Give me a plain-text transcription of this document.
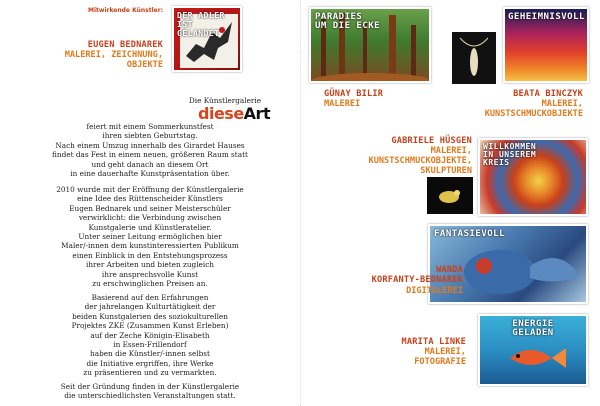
Mitwirkende Künstler:
DER ADLER
IST GELANDET
EUGEN BEDNAREK
MALEREI, ZEICHNUNG,
OBJEKTE
Die Künstlergalerie
dieseArt
feiert mit einem Sommerkunstfest
ihren siebten Geburtstag.
Nach einem Umzug innerhalb des Girardet Hauses
findet das Fest in einem neuen, größeren Raum statt
und geht danach an diesem Ort
in eine dauerhafte Kunstpräsentation über.
2010 wurde mit der Eröffnung der Künstlergalerie
eine Idee des Rüttenscheider Künstlers
Eugen Bednarek und seiner Meisterschüler
verwirklicht: die Verbindung zwischen
Kunstgalerie und Künstleratelier.
Unter seiner Leitung ermöglichen hier
Maler/-innen dem kunstinteressierten Publikum
einen Einblick in den Entstehungsprozess
ihrer Arbeiten und bieten zugleich
ihre ansprechsvolle Kunst
zu erschwinglichen Preisen an.
Basierend auf den Erfahrungen
der jahrelangen Kulturtätigkeit der
beiden Kunstgalerien des soziokulturellen
Projektes ZKE (Zusammen Kunst Erleben)
auf der Zeche Königin-Elisabeth
in Essen-Frillendorf
haben die Künstler/-innen selbst
die Initiative ergriffen, ihre Werke
zu präsentieren und zu vermarkten.
Seit der Gründung finden in der Künstlergalerie
die unterschiedlichsten Veranstaltungen statt.
PARADIES
UM DIE ECKE
GEHEIMNISVOLL
GÜNAY BILIR
MALEREI
BEATA BINCZYK
MALEREI,
KUNSTSCHMUCKOBJEKTE
GABRIELE HÜSGEN
MALEREI,
KUNSTSCHMUCKOBJEKTE,
SKULPTUREN
WILLKOMMEN
IN UNSEREM
KREIS
FANTASIEVOLL
WANDA
KORFANTY-BEDNAREK
DIGITALEREI
MARITA LINKE
MALEREI,
FOTOGRAFIE
ENERGIE
GELADEN
